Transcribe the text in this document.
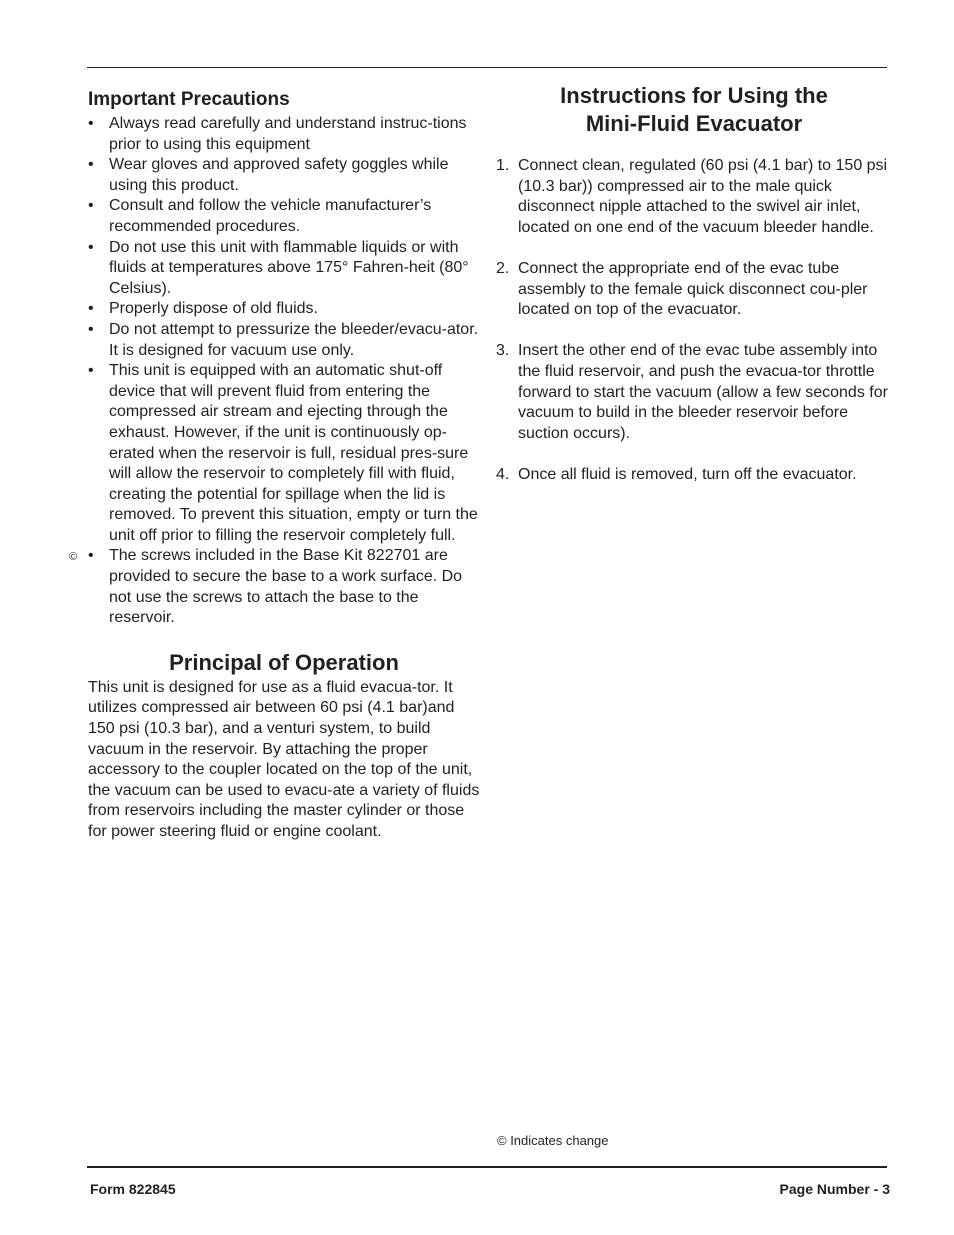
Important Precautions
• Always read carefully and understand instruc-tions prior to using this equipment
• Wear gloves and approved safety goggles while using this product.
• Consult and follow the vehicle manufacturer’s recommended procedures.
• Do not use this unit with flammable liquids or with fluids at temperatures above 175° Fahren-heit (80° Celsius).
• Properly dispose of old fluids.
• Do not attempt to pressurize the bleeder/evacu-ator. It is designed for vacuum use only.
• This unit is equipped with an automatic shut-off device that will prevent fluid from entering the compressed air stream and ejecting through the exhaust. However, if the unit is continuously op-erated when the reservoir is full, residual pres-sure will allow the reservoir to completely fill with fluid, creating the potential for spillage when the lid is removed. To prevent this situation, empty or turn the unit off prior to filling the reservoir completely full.
© • The screws included in the Base Kit 822701 are provided to secure the base to a work surface. Do not use the screws to attach the base to the reservoir.
Principal of Operation

This unit is designed for use as a fluid evacua-tor. It utilizes compressed air between 60 psi (4.1 bar)and 150 psi (10.3 bar), and a venturi system, to build vacuum in the reservoir. By attaching the proper accessory to the coupler located on the top of the unit, the vacuum can be used to evacu-ate a variety of fluids from reservoirs including the master cylinder or those for power steering fluid or engine coolant.

Instructions for Using the
Mini-Fluid Evacuator
1. Connect clean, regulated (60 psi (4.1 bar) to 150 psi (10.3 bar)) compressed air to the male quick disconnect nipple attached to the swivel air inlet, located on one end of the vacuum bleeder handle.
2. Connect the appropriate end of the evac tube assembly to the female quick disconnect cou-pler located on top of the evacuator.
3. Insert the other end of the evac tube assembly into the fluid reservoir, and push the evacua-tor throttle forward to start the vacuum (allow a few seconds for vacuum to build in the bleeder reservoir before suction occurs).
4. Once all fluid is removed, turn off the evacuator.
© Indicates change
Form 822845	Page Number - 3
